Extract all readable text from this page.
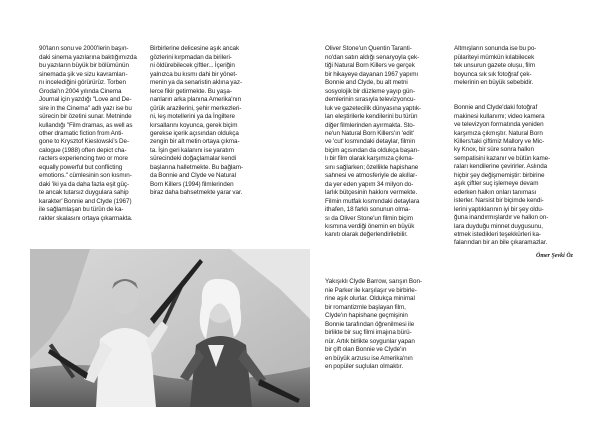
90'ların sonu ve 2000'lerin başın-
daki sinema yazılarına baktığımızda
bu yazıların büyük bir bölümünün
sinemada şik ve sizu kavramları-
nı incelediğini görürürüz. Torben
Grodal'ın 2004 yılında Cinema
Journal için yazdığı "Love and De-
sire in the Cinema" adlı yazı ise bu
sürecin bir özetini sunar. Metninde
kullandığı "Film dramas, as well as
other dramatic fiction from Anti-
gone to Krysztof Kieslowski's De-
calogue (1988) often depict cha-
racters experiencing two or more
equally powerful but conflicting
emotions." cümlesinin son kısmın-
daki 'iki ya da daha fazla eşit güç-
te ancak tutarsız duygulara sahip
karakter' Bonnie and Clyde (1967)
ile sağlamlaşan bu türün de ka-
rakter skalasını ortaya çıkarmakta.

Birbirlerine delicesine aşık ancak
gözlerini kırpmadan da birileri-
ni öldürebilecek çiftler... İçeriğin
yalnızca bu kısmı dahi bir yönet-
menin ya da senaristin aklına yaz-
lerce fikir getirmekte. Bu yaşa-
nanların arka planına Amerika'nın
çürük arazilerini, şehir merkezleri-
ni, leş motellerini ya da İngiltere
kırsallarını koyunca, gerek biçim
gerekse içerik açısından oldukça
zengin bir alt metin ortaya çıkma-
ta. İşin geri kalanını ise yaratım
sürecindeki doğaçlamalar kendi
başlarına halletmekte. Bu bağlam-
da Bonnie and Clyde ve Natural
Born Killers (1994) filmlerinden
biraz daha bahsetmekte yarar var.

Oliver Stone'un Quentin Taranti-
no'dan satın aldığı senaryoyla çek-
tiği Natural Born Killers ve gerçek
bir hikayeye dayanan 1967 yapımı
Bonnie and Clyde, bu alt metni
sosyolojik bir düzleme yayıp gün-
demlerinin sırasıyla televizyoncu-
luk ve gazetecilik dünyasına yaptık-
ları eleştirilerle kendilerini bu türün
diğer filmlerinden ayırmakta. Sto-
ne'un Natural Born Killers'ın 'edit'
ve 'cut' kısmındaki detaylar, filmin
biçim açısından da oldukça başarı-
lı bir film olarak karşımıza çıkma-
sını sağlarken; özellikle hapishane
sahnesi ve atmosferiyle de akıllar-
da yer eden yapım 34 milyon do-
larlık bütçesinin hakkını vermekte.
Filmin mutfak kısmındaki detaylara
ithafen, 18 farklı sonunun olma-
sı da Oliver Stone'un filmin biçim
kısmına verdiği önemin en büyük
kanıtı olarak değerlendirilebilir.

Yakışıklı Clyde Barrow, sarışın Bon-
nie Parker ile karşılaşır ve birbirle-
rine aşık olurlar. Oldukça minimal
bir romantizmle başlayan film,
Clyde'ın hapishane geçmişinin
Bonnie tarafından öğrenilmesi ile
birlikte bir suç filmi imajına bürü-
nür. Artık birlikte soygunlar yapan
bir çift olan Bonnie ve Clyde'ın
en büyük arzusu ise Amerika'nın
en popüler suçluları olmaktır.

Altmışların sonunda ise bu po-
pülariteyi mümkün kılabilecek
tek unsurun gazete olușu, film
boyunca sık sık fotoğraf çek-
melerinin en büyük sebebidir.

Bonnie and Clyde'daki fotoğraf
makinesi kullanımı; video kamera
ve televizyon formatında yeniden
karşımıza çıkmıştır. Natural Born
Killers'taki çiftimiz Mallory ve Mic-
ky Knox, bir süre sonra halkın
sempatisini kazanır ve bütün kame-
raları kendilerine çevirirler. Aslında
hiçbir şey değişmemiştir: birbirine
aşık çiftler suç işlemeye devam
ederken halkın onları tanıması
isterler. Narsist bir biçimde kendi-
lerini yaptıklarının iyi bir şey oldu-
ğuna inandırmışlardır ve halkın on-
lara duyduğu minnet duygusunu,
etmek istedikleri teşekkürleri ka-
falarından bir an bile çıkaramazlar.

Ömer Şevki Öz
